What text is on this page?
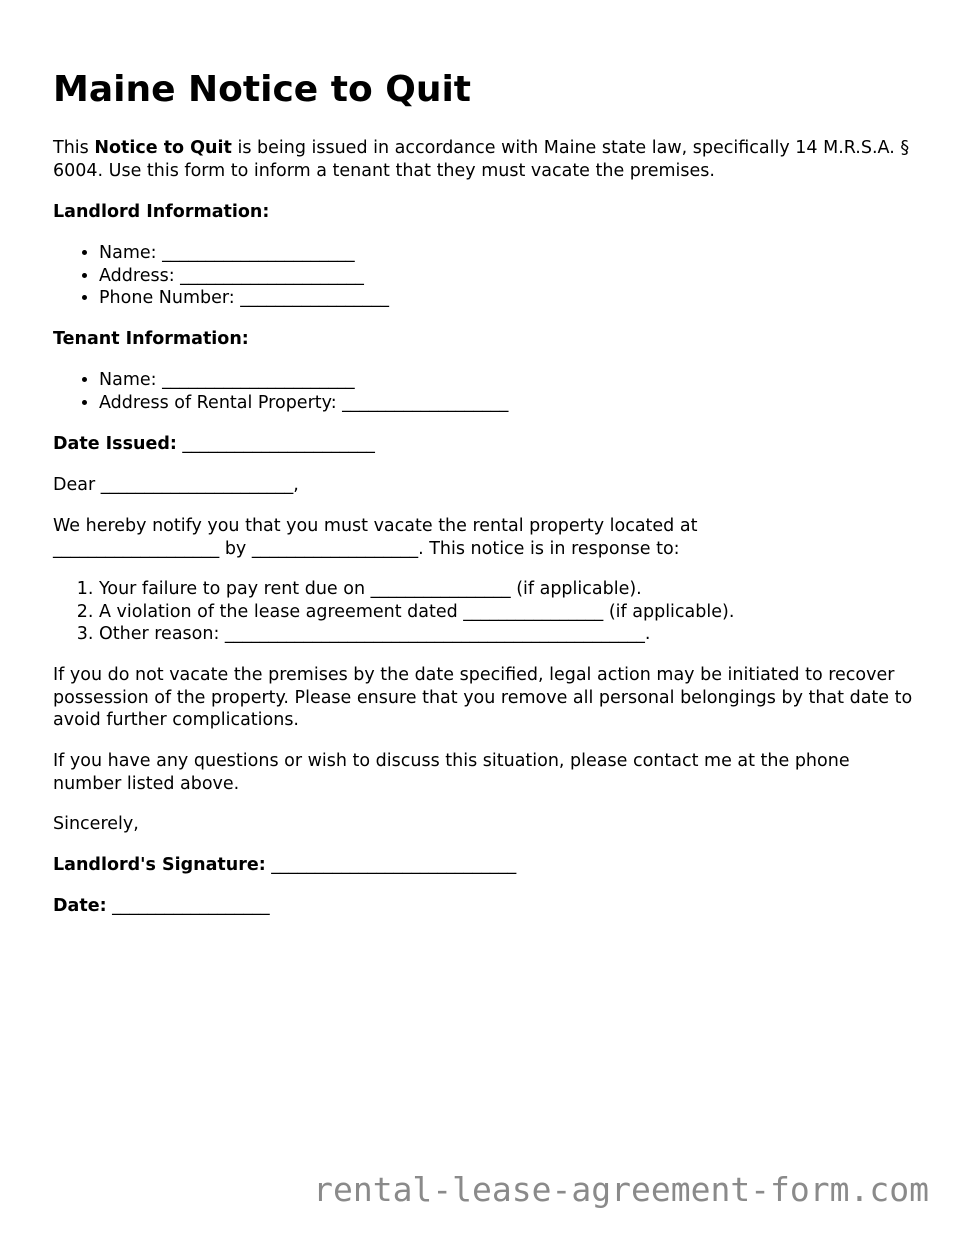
Maine Notice to Quit

This Notice to Quit is being issued in accordance with Maine state law, specifically 14 M.R.S.A. § 6004. Use this form to inform a tenant that they must vacate the premises.

Landlord Information:

• Name: ______________________
• Address: _____________________
• Phone Number: _________________

Tenant Information:

• Name: ______________________
• Address of Rental Property: ___________________

Date Issued: ______________________

Dear ______________________,

We hereby notify you that you must vacate the rental property located at
___________________ by ___________________. This notice is in response to:

1. Your failure to pay rent due on ________________ (if applicable).
2. A violation of the lease agreement dated ________________ (if applicable).
3. Other reason: ________________________________________________.

If you do not vacate the premises by the date specified, legal action may be initiated to recover possession of the property. Please ensure that you remove all personal belongings by that date to avoid further complications.

If you have any questions or wish to discuss this situation, please contact me at the phone number listed above.

Sincerely,

Landlord's Signature: ____________________________

Date: __________________

rental-lease-agreement-form.com
